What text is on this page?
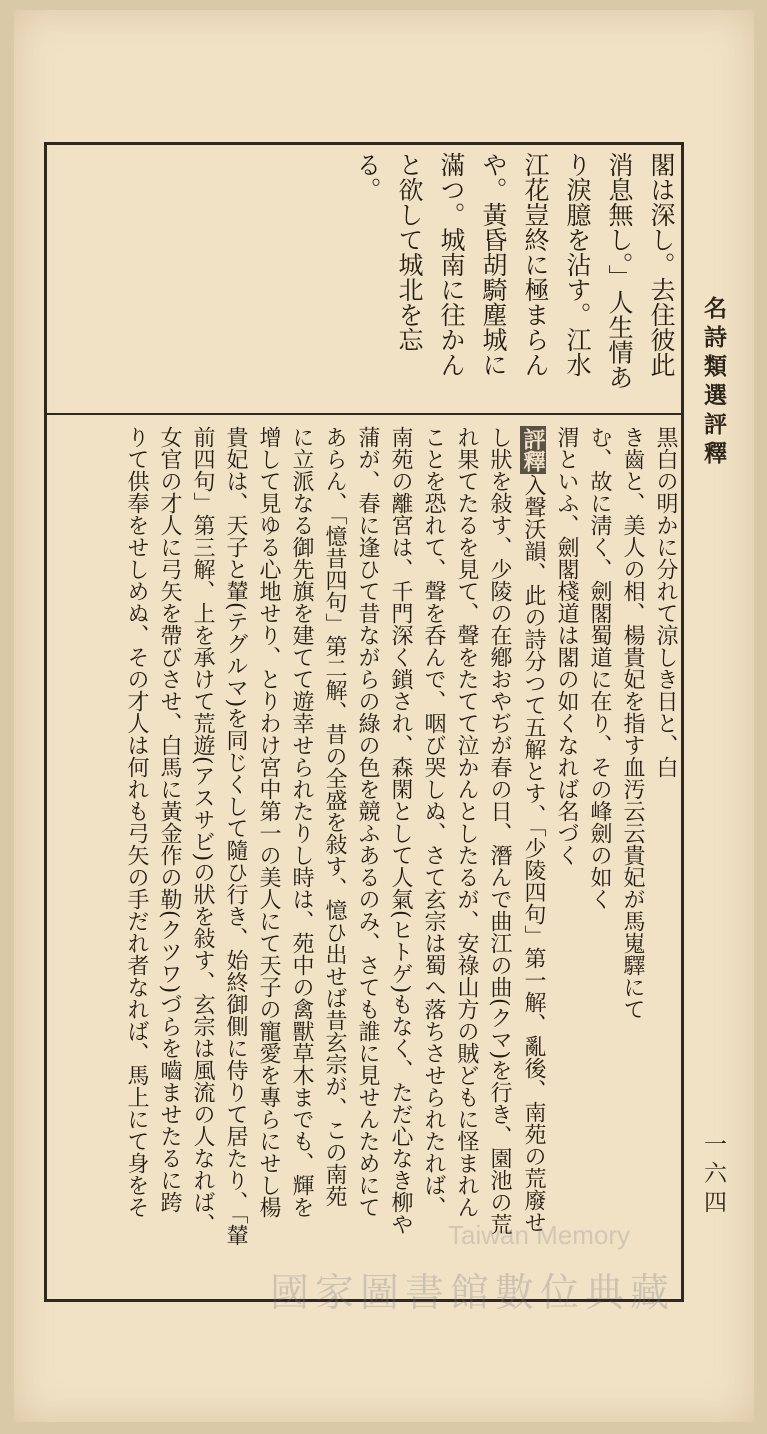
名詩類選評釋
一六四
閣は深し。去住彼此
消息無し。」人生情あ
り淚臆を沾す。江水
江花豈終に極まらん
や。黃昏胡騎塵城に
滿つ。城南に往かん
と欲して城北を忘
る。
黒白の明かに分れて涼しき日と、白
き齒と、美人の相、楊貴妃を指す血汚云云貴妃が馬嵬驛にて
む、故に淸く、劍閣蜀道に在り、その峰劍の如く
渭といふ、劍閣棧道は閣の如くなれば名づく
評釋入聲沃韻、此の詩分つて五解とす、「少陵四句」第一解、亂後、南苑の荒廢せ
し狀を敍す、少陵の在鄕おやぢが春の日、潛んで曲江の曲(クマ)を行き、園池の荒
れ果てたるを見て、聲をたてて泣かんとしたるが、安祿山方の賊どもに怪まれん
ことを恐れて、聲を呑んで、咽び哭しぬ、さて玄宗は蜀へ落ちさせられたれば、
南苑の離宮は、千門深く鎖され、森閑として人氣(ヒトゲ)もなく、ただ心なき柳や
蒲が、春に逢ひて昔ながらの綠の色を競ふあるのみ、さても誰に見せんためにて
あらん、「憶昔四句」第二解、昔の全盛を敍す、憶ひ出せば昔玄宗が、この南苑
に立派なる御先旗を建てて遊幸せられたりし時は、苑中の禽獸草木までも、輝を
增して見ゆる心地せり、とりわけ宮中第一の美人にて天子の寵愛を專らにせし楊
貴妃は、天子と輦(テグルマ)を同じくして隨ひ行き、始終御側に侍りて居たり、「輦
前四句」第三解、上を承けて荒遊(アスサビ)の狀を敍す、玄宗は風流の人なれば、
女官の才人に弓矢を帶びさせ、白馬に黃金作の勒(クツワ)づらを嚙ませたるに跨
りて供奉をせしめぬ、その才人は何れも弓矢の手だれ者なれば、馬上にて身をそ
Taiwan Memory
國家圖書館數位典藏
